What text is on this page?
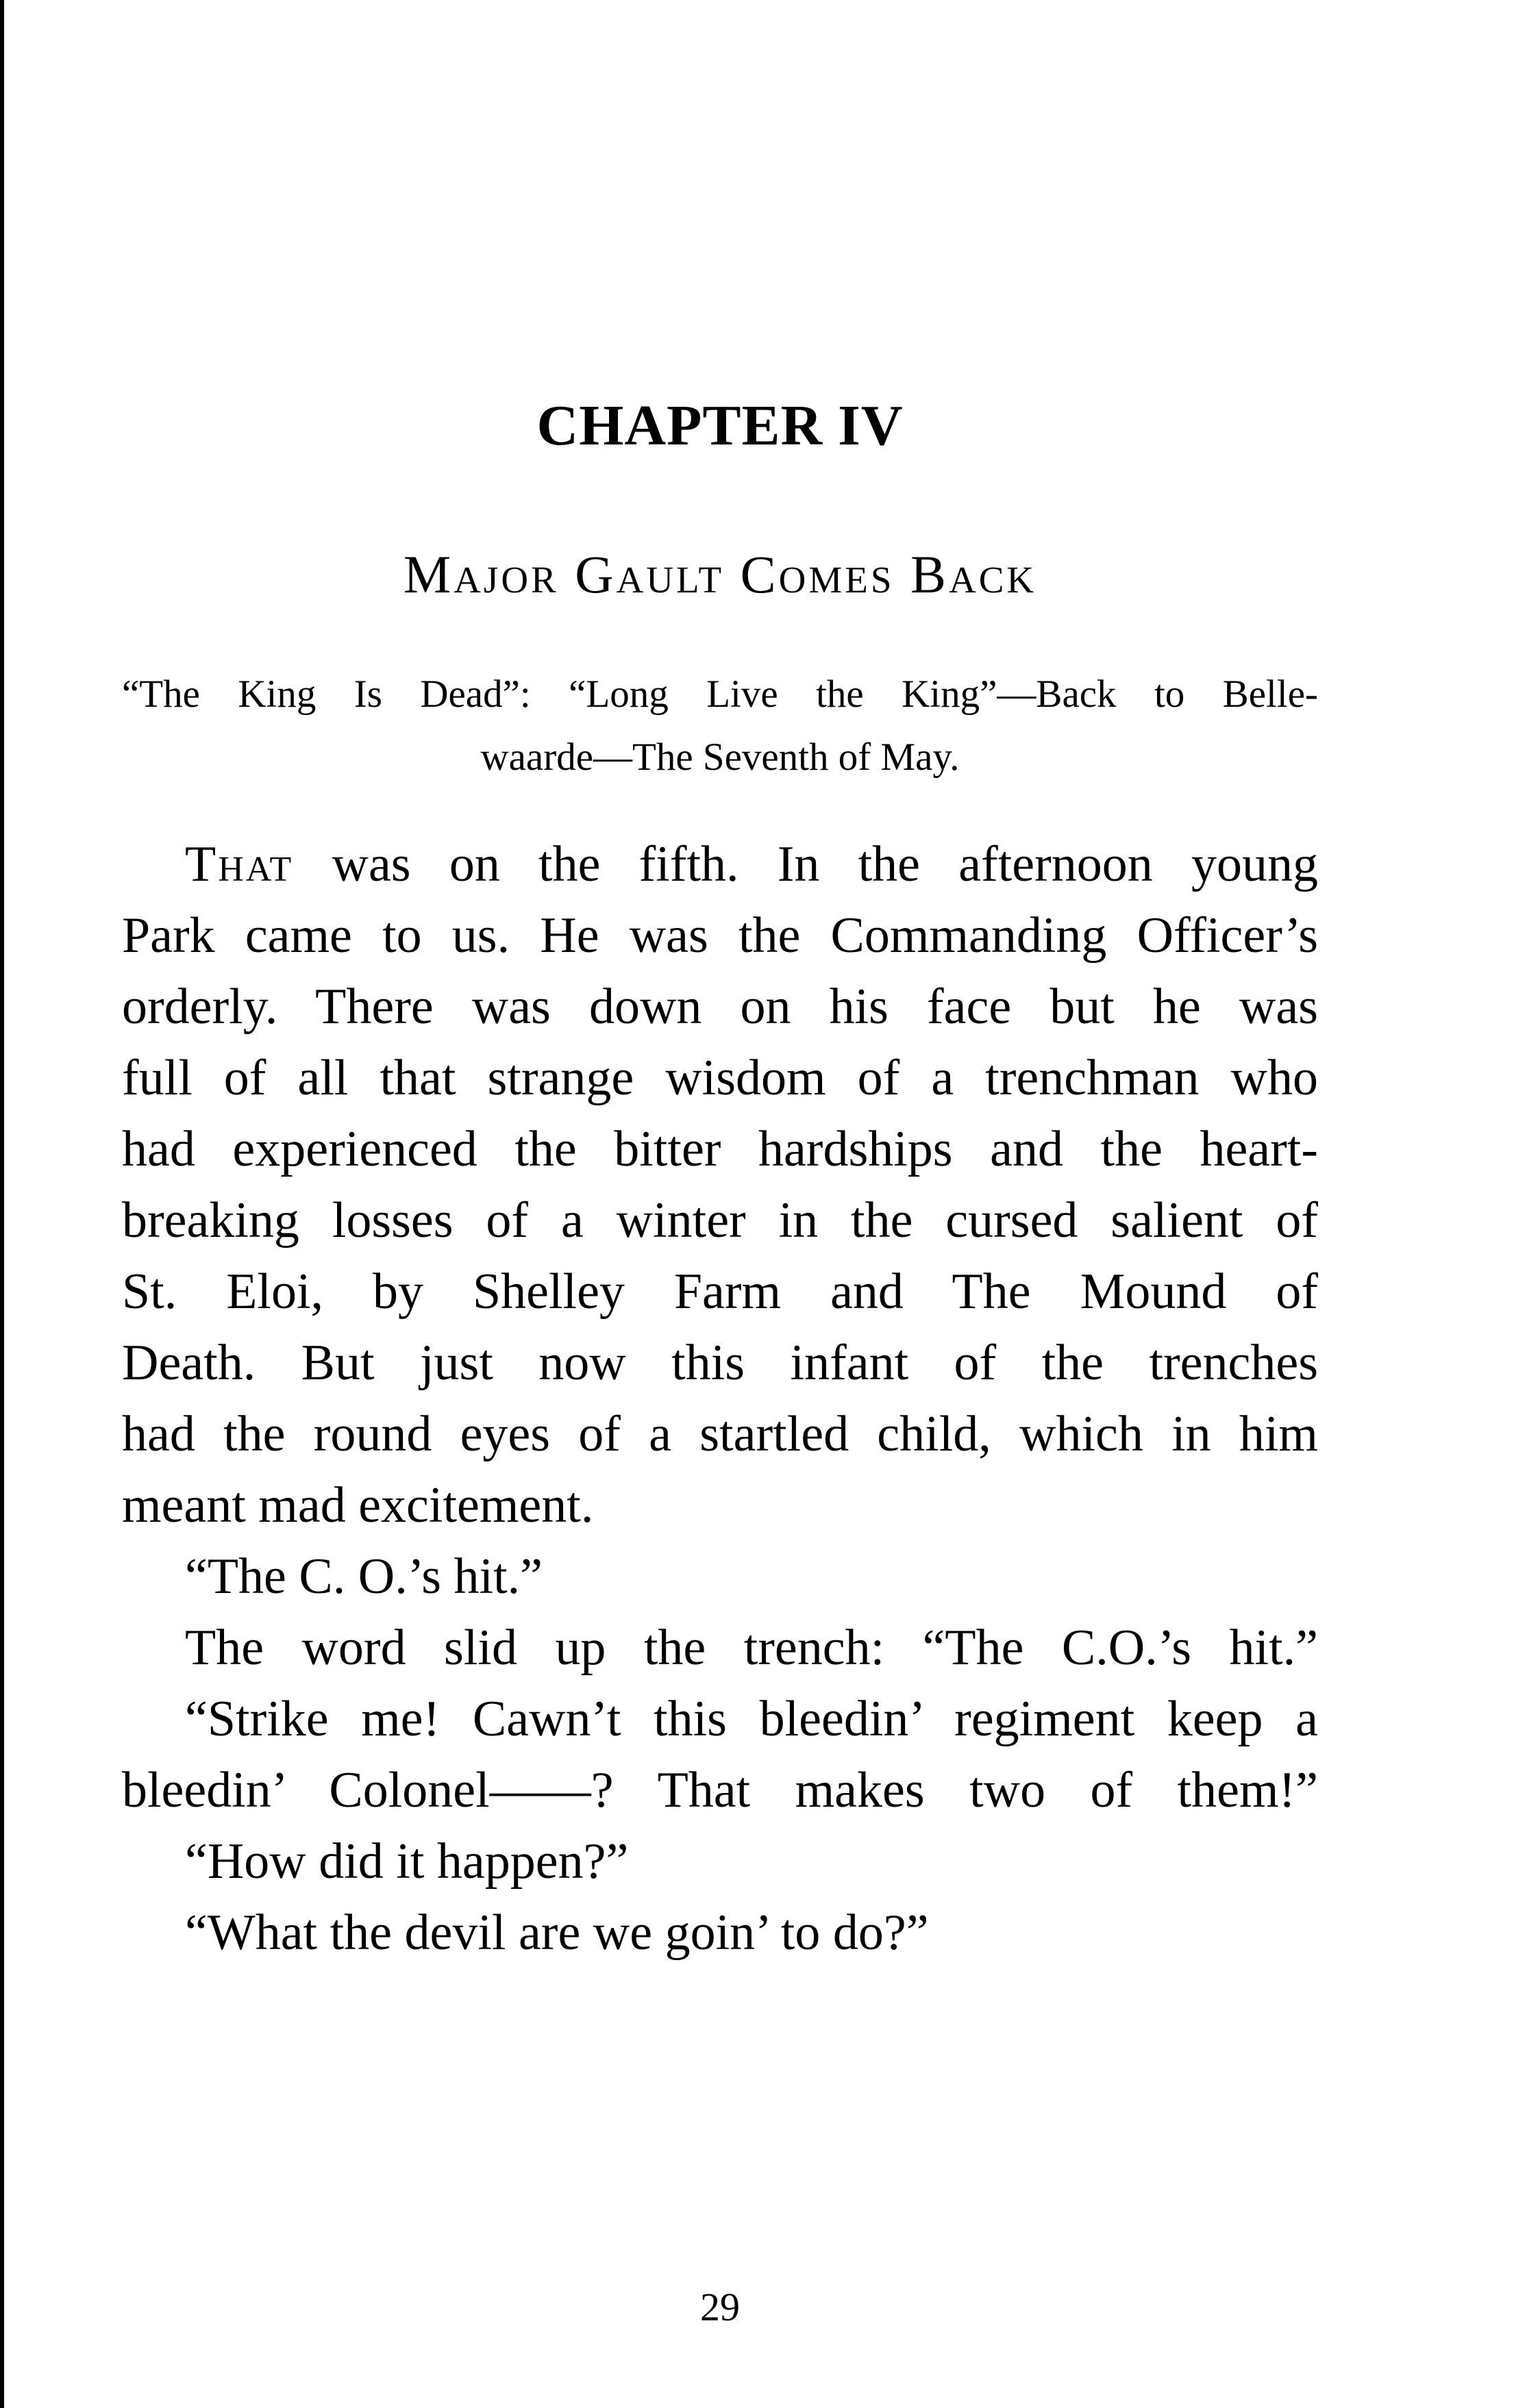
CHAPTER IV
Major Gault Comes Back
“The King Is Dead”: “Long Live the King”—Back to Belle-
waarde—The Seventh of May.
That was on the fifth. In the afternoon young
Park came to us. He was the Commanding Officer’s
orderly. There was down on his face but he was
full of all that strange wisdom of a trenchman who
had experienced the bitter hardships and the heart-
breaking losses of a winter in the cursed salient of
St. Eloi, by Shelley Farm and The Mound of
Death. But just now this infant of the trenches
had the round eyes of a startled child, which in him
meant mad excitement.
“The C. O.’s hit.”
The word slid up the trench: “The C.O.’s hit.”
“Strike me! Cawn’t this bleedin’ regiment keep a
bleedin’ Colonel——? That makes two of them!”
“How did it happen?”
“What the devil are we goin’ to do?”
29
